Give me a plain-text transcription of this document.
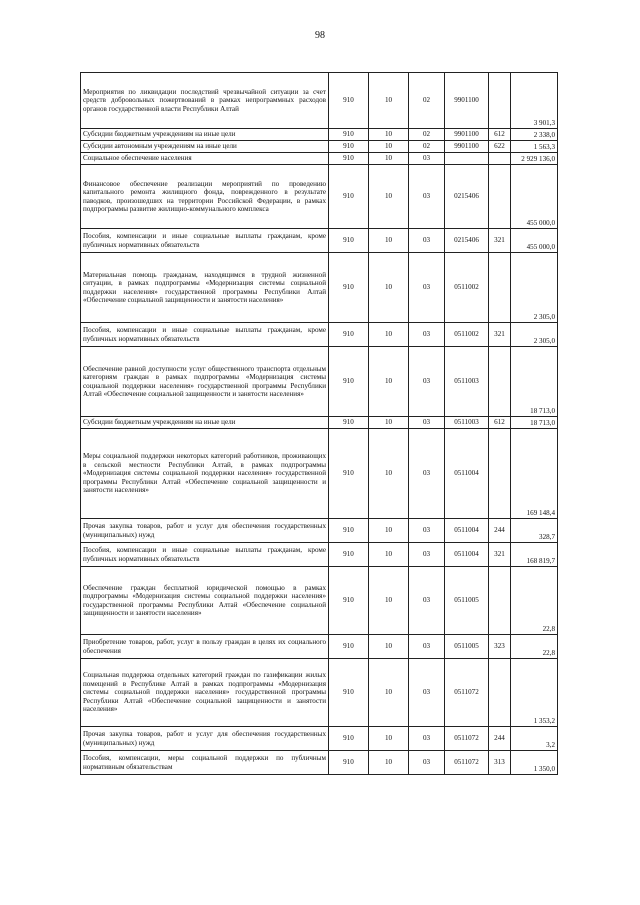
98
Мероприятия по ликвидации последствий чрезвычайной ситуации за счет средств добровольных пожертвований в рамках непрограммных расходов органов государственной власти Республики Алтай	910	10	02	9901100		3 901,3
Субсидии бюджетным учреждениям на иные цели	910	10	02	9901100	612	2 338,0
Субсидии автономным учреждениям на иные цели	910	10	02	9901100	622	1 563,3
Социальное обеспечение населения	910	10	03			2 929 136,0
Финансовое обеспечение реализации мероприятий по проведению капитального ремонта жилищного фонда, поврежденного в результате паводков, произошедших на территории Российской Федерации, в рамках подпрограммы развитие жилищно-коммунального комплекса	910	10	03	0215406		455 000,0
Пособия, компенсации и иные социальные выплаты гражданам, кроме публичных нормативных обязательств	910	10	03	0215406	321	455 000,0
Материальная помощь гражданам, находящимся в трудной жизненной ситуации, в рамках подпрограммы «Модернизация системы социальной поддержки населения» государственной программы Республики Алтай «Обеспечение социальной защищенности и занятости населения»	910	10	03	0511002		2 305,0
Пособия, компенсации и иные социальные выплаты гражданам, кроме публичных нормативных обязательств	910	10	03	0511002	321	2 305,0
Обеспечение равной доступности услуг общественного транспорта отдельным категориям граждан в рамках подпрограммы «Модернизация системы социальной поддержки населения» государственной программы Республики Алтай «Обеспечение социальной защищенности и занятости населения»	910	10	03	0511003		18 713,0
Субсидии бюджетным учреждениям на иные цели	910	10	03	0511003	612	18 713,0
Меры социальной поддержки некоторых категорий работников, проживающих в сельской местности Республики Алтай, в рамках подпрограммы «Модернизация системы социальной поддержки населения» государственной программы Республики Алтай «Обеспечение социальной защищенности и занятости населения»	910	10	03	0511004		169 148,4
Прочая закупка товаров, работ и услуг для обеспечения государственных (муниципальных) нужд	910	10	03	0511004	244	328,7
Пособия, компенсации и иные социальные выплаты гражданам, кроме публичных нормативных обязательств	910	10	03	0511004	321	168 819,7
Обеспечение граждан бесплатной юридической помощью в рамках подпрограммы «Модернизация системы социальной поддержки населения» государственной программы Республики Алтай «Обеспечение социальной защищенности и занятости населения»	910	10	03	0511005		22,8
Приобретение товаров, работ, услуг в пользу граждан в целях их социального обеспечения	910	10	03	0511005	323	22,8
Социальная поддержка отдельных категорий граждан по газификации жилых помещений в Республике Алтай в рамках подпрограммы «Модернизация системы социальной поддержки населения» государственной программы Республики Алтай «Обеспечение социальной защищенности и занятости населения»	910	10	03	0511072		1 353,2
Прочая закупка товаров, работ и услуг для обеспечения государственных (муниципальных) нужд	910	10	03	0511072	244	3,2
Пособия, компенсации, меры социальной поддержки по публичным нормативным обязательствам	910	10	03	0511072	313	1 350,0
